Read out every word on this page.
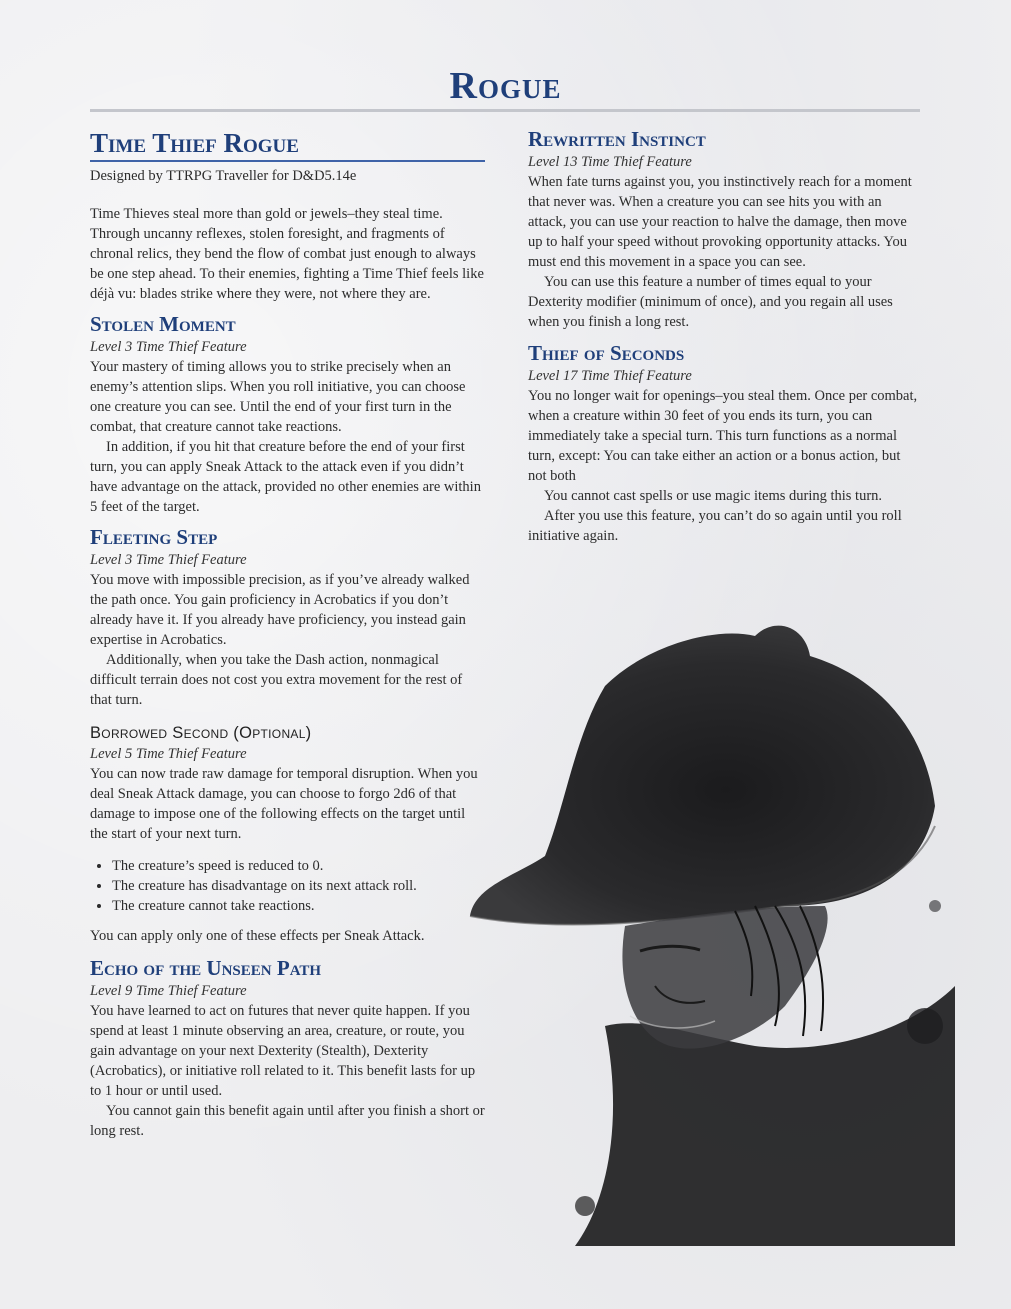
Rogue
Time Thief Rogue

Designed by TTRPG Traveller for D&D5.14e

Time Thieves steal more than gold or jewels–they steal time. Through uncanny reflexes, stolen foresight, and fragments of chronal relics, they bend the flow of combat just enough to always be one step ahead. To their enemies, fighting a Time Thief feels like déjà vu: blades strike where they were, not where they are.

Stolen Moment

Level 3 Time Thief Feature

Your mastery of timing allows you to strike precisely when an enemy’s attention slips. When you roll initiative, you can choose one creature you can see. Until the end of your first turn in the combat, that creature cannot take reactions.

In addition, if you hit that creature before the end of your first turn, you can apply Sneak Attack to the attack even if you didn’t have advantage on the attack, provided no other enemies are within 5 feet of the target.

Fleeting Step

Level 3 Time Thief Feature

You move with impossible precision, as if you’ve already walked the path once. You gain proficiency in Acrobatics if you don’t already have it. If you already have proficiency, you instead gain expertise in Acrobatics.

Additionally, when you take the Dash action, nonmagical difficult terrain does not cost you extra movement for the rest of that turn.

Borrowed Second (Optional)

Level 5 Time Thief Feature

You can now trade raw damage for temporal disruption. When you deal Sneak Attack damage, you can choose to forgo 2d6 of that damage to impose one of the following effects on the target until the start of your next turn.

• The creature’s speed is reduced to 0.
• The creature has disadvantage on its next attack roll.
• The creature cannot take reactions.

You can apply only one of these effects per Sneak Attack.

Echo of the Unseen Path

Level 9 Time Thief Feature

You have learned to act on futures that never quite happen. If you spend at least 1 minute observing an area, creature, or route, you gain advantage on your next Dexterity (Stealth), Dexterity (Acrobatics), or initiative roll related to it. This benefit lasts for up to 1 hour or until used.

You cannot gain this benefit again until after you finish a short or long rest.

Rewritten Instinct

Level 13 Time Thief Feature

When fate turns against you, you instinctively reach for a moment that never was. When a creature you can see hits you with an attack, you can use your reaction to halve the damage, then move up to half your speed without provoking opportunity attacks. You must end this movement in a space you can see.

You can use this feature a number of times equal to your Dexterity modifier (minimum of once), and you regain all uses when you finish a long rest.

Thief of Seconds

Level 17 Time Thief Feature

You no longer wait for openings–you steal them. Once per combat, when a creature within 30 feet of you ends its turn, you can immediately take a special turn. This turn functions as a normal turn, except: You can take either an action or a bonus action, but not both

You cannot cast spells or use magic items during this turn.

After you use this feature, you can’t do so again until you roll initiative again.
